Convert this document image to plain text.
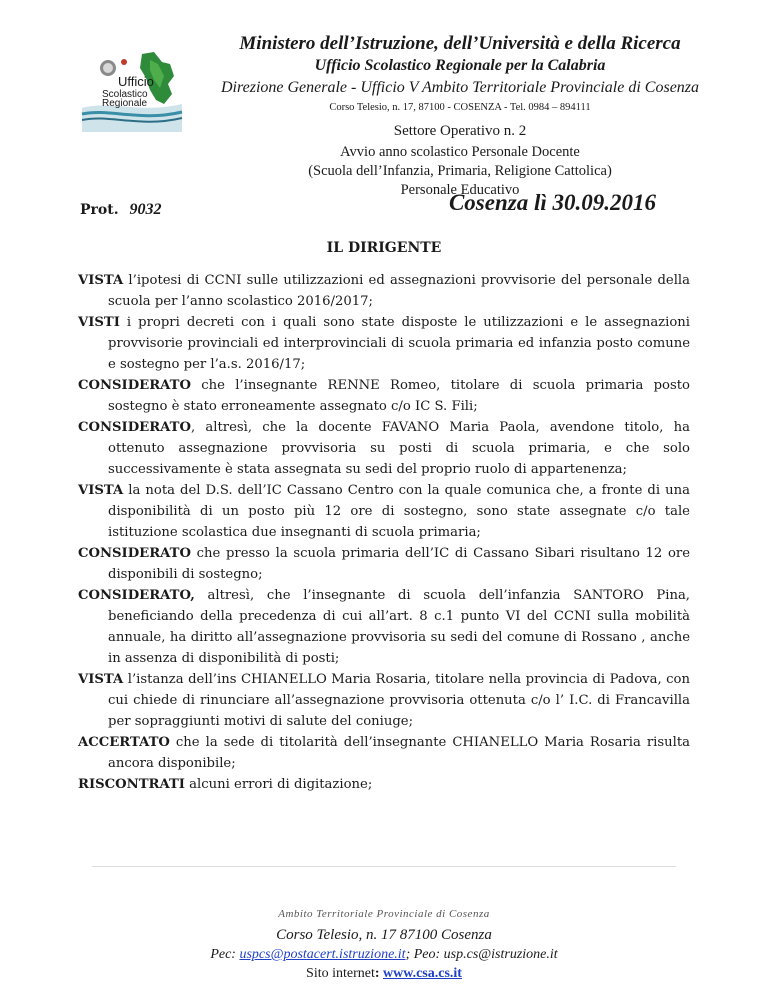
Ufficio
Scolastico
Regionale
Ministero dell’Istruzione, dell’Università e della Ricerca
Ufficio Scolastico Regionale per la Calabria
Direzione Generale - Ufficio V Ambito Territoriale Provinciale di Cosenza
Corso Telesio, n. 17, 87100 - COSENZA - Tel. 0984 – 894111
Settore Operativo n. 2
Avvio anno scolastico Personale Docente
(Scuola dell’Infanzia, Primaria, Religione Cattolica)
Personale Educativo
Prot. 9032	Cosenza lì 30.09.2016
IL DIRIGENTE

VISTA l’ipotesi di CCNI sulle utilizzazioni ed assegnazioni provvisorie del personale della scuola per l’anno scolastico 2016/2017;

VISTI i propri decreti con i quali sono state disposte le utilizzazioni e le assegnazioni provvisorie provinciali ed interprovinciali di scuola primaria ed infanzia posto comune e sostegno per l’a.s. 2016/17;

CONSIDERATO che l’insegnante RENNE Romeo, titolare di scuola primaria posto sostegno è stato erroneamente assegnato c/o IC S. Fili;

CONSIDERATO, altresì, che la docente FAVANO Maria Paola, avendone titolo, ha ottenuto assegnazione provvisoria su posti di scuola primaria, e che solo successivamente è stata assegnata su sedi del proprio ruolo di appartenenza;

VISTA la nota del D.S. dell’IC Cassano Centro con la quale comunica che, a fronte di una disponibilità di un posto più 12 ore di sostegno, sono state assegnate c/o tale istituzione scolastica due insegnanti di scuola primaria;

CONSIDERATO che presso la scuola primaria dell’IC di Cassano Sibari risultano 12 ore disponibili di sostegno;

CONSIDERATO, altresì, che l’insegnante di scuola dell’infanzia SANTORO Pina, beneficiando della precedenza di cui all’art. 8 c.1 punto VI del CCNI sulla mobilità annuale, ha diritto all’assegnazione provvisoria su sedi del comune di Rossano , anche in assenza di disponibilità di posti;

VISTA l’istanza dell’ins CHIANELLO Maria Rosaria, titolare nella provincia di Padova, con cui chiede di rinunciare all’assegnazione provvisoria ottenuta c/o l’ I.C. di Francavilla per sopraggiunti motivi di salute del coniuge;

ACCERTATO che la sede di titolarità dell’insegnante CHIANELLO Maria Rosaria risulta ancora disponibile;

RISCONTRATI alcuni errori di digitazione;

Ambito Territoriale Provinciale di Cosenza
Corso Telesio, n. 17 87100 Cosenza
Pec: uspcs@postacert.istruzione.it; Peo: usp.cs@istruzione.it
Sito internet: www.csa.cs.it
